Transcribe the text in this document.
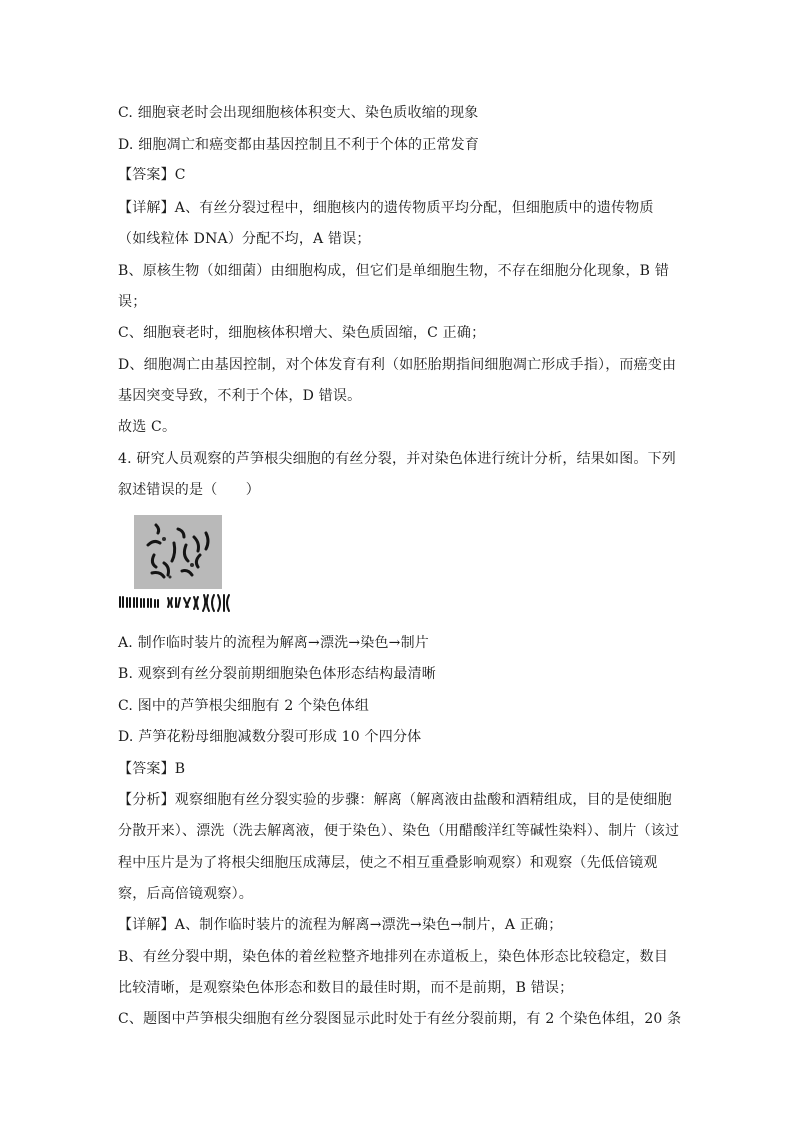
C. 细胞衰老时会出现细胞核体积变大、染色质收缩的现象
D. 细胞凋亡和癌变都由基因控制且不利于个体的正常发育
【答案】C
【详解】A、有丝分裂过程中，细胞核内的遗传物质平均分配，但细胞质中的遗传物质
（如线粒体 DNA）分配不均，A 错误；
B、原核生物（如细菌）由细胞构成，但它们是单细胞生物，不存在细胞分化现象，B 错
误；
C、细胞衰老时，细胞核体积增大、染色质固缩，C 正确；
D、细胞凋亡由基因控制，对个体发育有利（如胚胎期指间细胞凋亡形成手指），而癌变由
基因突变导致，不利于个体，D 错误。
故选 C。
4. 研究人员观察的芦笋根尖细胞的有丝分裂，并对染色体进行统计分析，结果如图。下列
叙述错误的是（　　）
A. 制作临时装片的流程为解离→漂洗→染色→制片
B. 观察到有丝分裂前期细胞染色体形态结构最清晰
C. 图中的芦笋根尖细胞有 2 个染色体组
D. 芦笋花粉母细胞减数分裂可形成 10 个四分体
【答案】B
【分析】观察细胞有丝分裂实验的步骤：解离（解离液由盐酸和酒精组成，目的是使细胞
分散开来）、漂洗（洗去解离液，便于染色）、染色（用醋酸洋红等碱性染料）、制片（该过
程中压片是为了将根尖细胞压成薄层，使之不相互重叠影响观察）和观察（先低倍镜观
察，后高倍镜观察）。
【详解】A、制作临时装片的流程为解离→漂洗→染色→制片，A 正确；
B、有丝分裂中期，染色体的着丝粒整齐地排列在赤道板上，染色体形态比较稳定，数目
比较清晰，是观察染色体形态和数目的最佳时期，而不是前期，B 错误；
C、题图中芦笋根尖细胞有丝分裂图显示此时处于有丝分裂前期，有 2 个染色体组，20 条
